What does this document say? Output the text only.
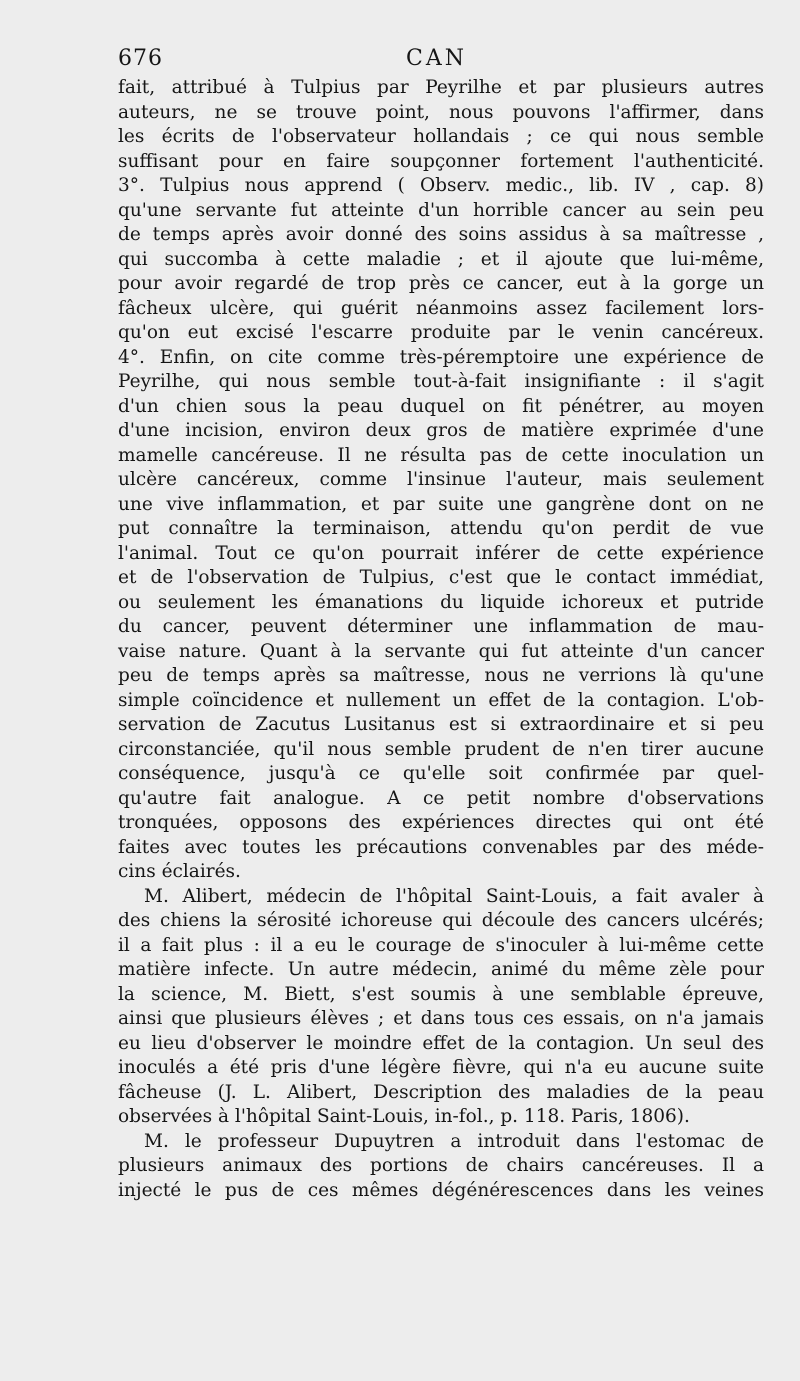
676	CAN
fait, attribué à Tulpius par Peyrilhe et par plusieurs autres
auteurs, ne se trouve point, nous pouvons l'affirmer, dans
les écrits de l'observateur hollandais ; ce qui nous semble
suffisant pour en faire soupçonner fortement l'authenticité.
3°. Tulpius nous apprend ( Observ. medic., lib. IV , cap. 8)
qu'une servante fut atteinte d'un horrible cancer au sein peu
de temps après avoir donné des soins assidus à sa maîtresse ,
qui succomba à cette maladie ; et il ajoute que lui-même,
pour avoir regardé de trop près ce cancer, eut à la gorge un
fâcheux ulcère, qui guérit néanmoins assez facilement lors-
qu'on eut excisé l'escarre produite par le venin cancéreux.
4°. Enfin, on cite comme très-péremptoire une expérience de
Peyrilhe, qui nous semble tout-à-fait insignifiante : il s'agit
d'un chien sous la peau duquel on fit pénétrer, au moyen
d'une incision, environ deux gros de matière exprimée d'une
mamelle cancéreuse. Il ne résulta pas de cette inoculation un
ulcère cancéreux, comme l'insinue l'auteur, mais seulement
une vive inflammation, et par suite une gangrène dont on ne
put connaître la terminaison, attendu qu'on perdit de vue
l'animal. Tout ce qu'on pourrait inférer de cette expérience
et de l'observation de Tulpius, c'est que le contact immédiat,
ou seulement les émanations du liquide ichoreux et putride
du cancer, peuvent déterminer une inflammation de mau-
vaise nature. Quant à la servante qui fut atteinte d'un cancer
peu de temps après sa maîtresse, nous ne verrions là qu'une
simple coïncidence et nullement un effet de la contagion. L'ob-
servation de Zacutus Lusitanus est si extraordinaire et si peu
circonstanciée, qu'il nous semble prudent de n'en tirer aucune
conséquence, jusqu'à ce qu'elle soit confirmée par quel-
qu'autre fait analogue. A ce petit nombre d'observations
tronquées, opposons des expériences directes qui ont été
faites avec toutes les précautions convenables par des méde-
cins éclairés.
M. Alibert, médecin de l'hôpital Saint-Louis, a fait avaler à
des chiens la sérosité ichoreuse qui découle des cancers ulcérés;
il a fait plus : il a eu le courage de s'inoculer à lui-même cette
matière infecte. Un autre médecin, animé du même zèle pour
la science, M. Biett, s'est soumis à une semblable épreuve,
ainsi que plusieurs élèves ; et dans tous ces essais, on n'a jamais
eu lieu d'observer le moindre effet de la contagion. Un seul des
inoculés a été pris d'une légère fièvre, qui n'a eu aucune suite
fâcheuse (J. L. Alibert, Description des maladies de la peau
observées à l'hôpital Saint-Louis, in-fol., p. 118. Paris, 1806).
M. le professeur Dupuytren a introduit dans l'estomac de
plusieurs animaux des portions de chairs cancéreuses. Il a
injecté le pus de ces mêmes dégénérescences dans les veines
